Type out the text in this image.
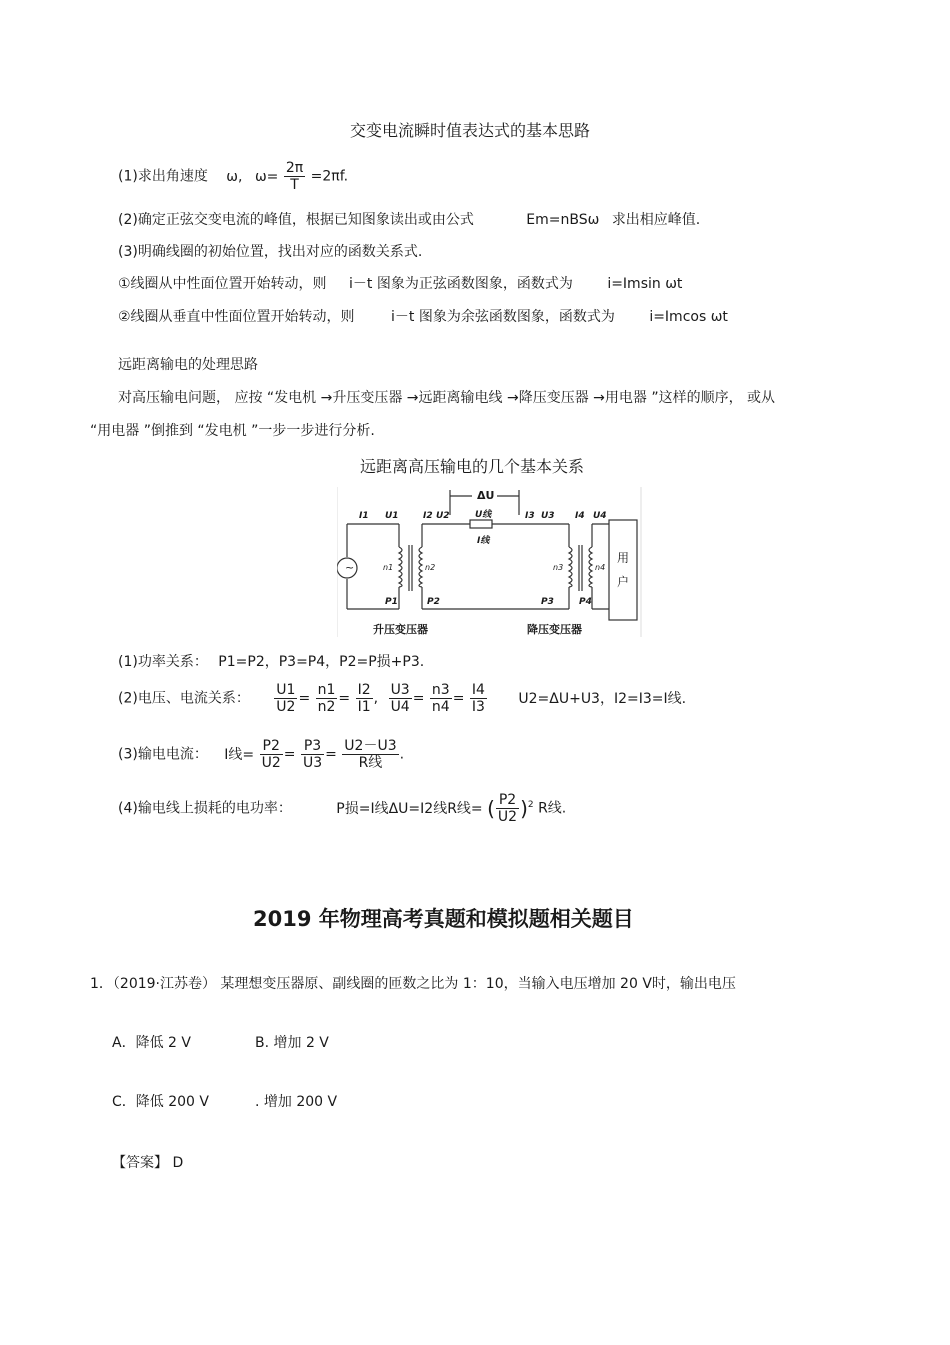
交变电流瞬时值表达式的基本思路
(1)求出角速度 ω, $\omega= \frac{2\pi}{T} =2\pi f$.
(2)确定正弦交变电流的峰值，根据已知图象读出或由公式	Em=nBSω 求出相应峰值.
(3)明确线圈的初始位置，找出对应的函数关系式.
①线圈从中性面位置开始转动，则 i－t 图象为正弦函数图象，函数式为 i=Imsin ωt
②线圈从垂直中性面位置开始转动，则	i－t 图象为余弦函数图象，函数式为 i=Imcos ωt
远距离输电的处理思路
对高压输电问题， 应按 “发电机 →升压变压器 →远距离输电线 →降压变压器 →用电器 ”这样的顺序， 或从
“用电器 ”倒推到 “发电机 ”一步一步进行分析.
远距离高压输电的几个基本关系
~
ΔU
I1 U1	I2 U2	U线
I线
I3 U3 I4 U4
n1	n2	n3	n4
P1	P2	P3	P4
用
户
升压变压器	降压变压器
(1)功率关系： P1=P2，P3=P4，P2=P损+P3.
(2)电压、电流关系： $\frac{U1}{U2} = \frac{n1}{n2} = \frac{I2}{I1}$ , $\frac{U3}{U4} = \frac{n3}{n4} = \frac{I4}{I3} U2=\Delta U+U3$，I2=I3=I线.
(3)输电电流： I线= $\frac{P2}{U2} = \frac{P3}{U3} = \frac{U2-U3}{\text{R线}}$ .
(4)输电线上损耗的电功率：	P损=I线ΔU=I2线R线= ( $\frac{P2}{U2} )^2$ R线.
2019 年物理高考真题和模拟题相关题目
1．（2019·江苏卷） 某理想变压器原、副线圈的匝数之比为 1：10，当输入电压增加 20 V时，输出电压
A．降低 2 V	B. 增加 2 V
C．降低 200 V	. 增加 200 V
【答案】 D
